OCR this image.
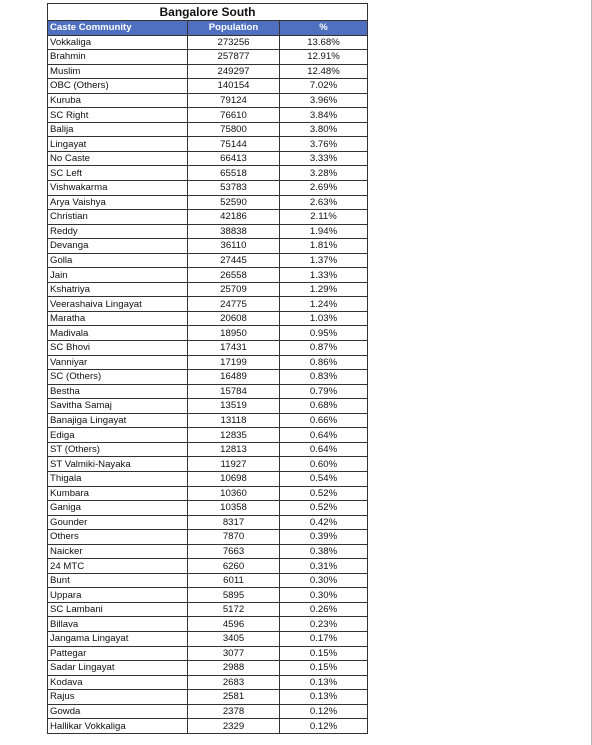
Bangalore South		
Caste Community	Population	%
Vokkaliga	273256	13.68%
Brahmin	257877	12.91%
Muslim	249297	12.48%
OBC (Others)	140154	7.02%
Kuruba	79124	3.96%
SC Right	76610	3.84%
Balija	75800	3.80%
Lingayat	75144	3.76%
No Caste	66413	3.33%
SC Left	65518	3.28%
Vishwakarma	53783	2.69%
Arya Vaishya	52590	2.63%
Christian	42186	2.11%
Reddy	38838	1.94%
Devanga	36110	1.81%
Golla	27445	1.37%
Jain	26558	1.33%
Kshatriya	25709	1.29%
Veerashaiva Lingayat	24775	1.24%
Maratha	20608	1.03%
Madivala	18950	0.95%
SC Bhovi	17431	0.87%
Vanniyar	17199	0.86%
SC (Others)	16489	0.83%
Bestha	15784	0.79%
Savitha Samaj	13519	0.68%
Banajiga Lingayat	13118	0.66%
Ediga	12835	0.64%
ST (Others)	12813	0.64%
ST Valmiki-Nayaka	11927	0.60%
Thigala	10698	0.54%
Kumbara	10360	0.52%
Ganiga	10358	0.52%
Gounder	8317	0.42%
Others	7870	0.39%
Naicker	7663	0.38%
24 MTC	6260	0.31%
Bunt	6011	0.30%
Uppara	5895	0.30%
SC Lambani	5172	0.26%
Billava	4596	0.23%
Jangama Lingayat	3405	0.17%
Pattegar	3077	0.15%
Sadar Lingayat	2988	0.15%
Kodava	2683	0.13%
Rajus	2581	0.13%
Gowda	2378	0.12%
Hallikar Vokkaliga	2329	0.12%
